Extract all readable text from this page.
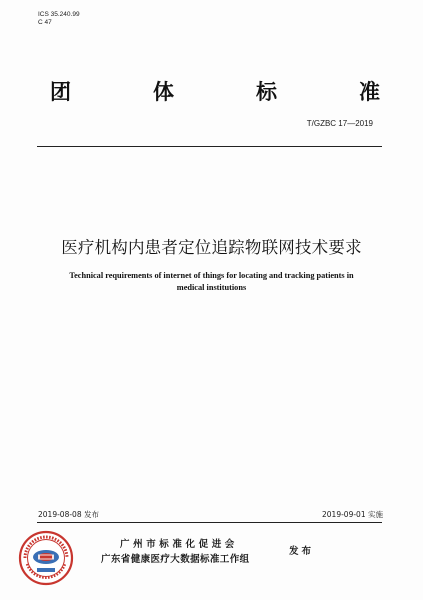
ICS 35.240.99
C 47
团	体	标	准
T/GZBC 17—2019
医疗机构内患者定位追踪物联网技术要求
Technical requirements of internet of things for locating and tracking patients in
medical institutions
2019-08-08 发布	2019-09-01 实施
广州市标准化促进会
广东省健康医疗大数据标准工作组
发布
